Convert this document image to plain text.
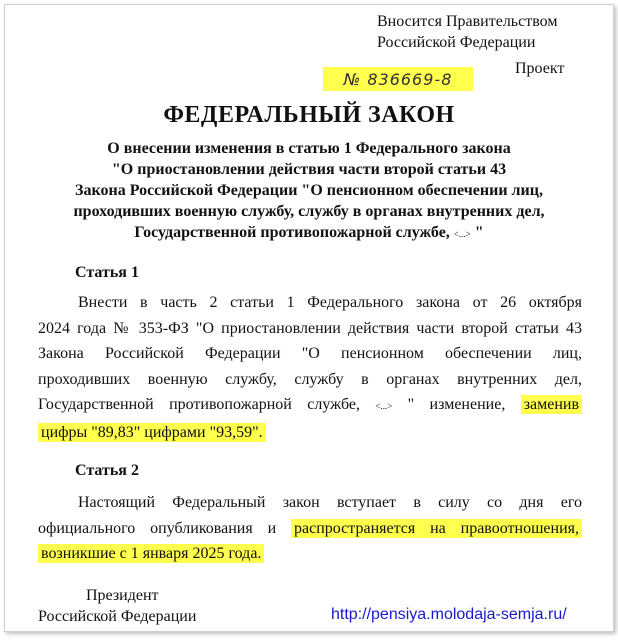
Вносится Правительством
Российской Федерации
Проект
№ 836669-8
ФЕДЕРАЛЬНЫЙ ЗАКОН
О внесении изменения в статью 1 Федерального закона
"О приостановлении действия части второй статьи 43
Закона Российской Федерации "О пенсионном обеспечении лиц,
проходивших военную службу, службу в органах внутренних дел,
Государственной противопожарной службе, <...> "
Статья 1
Внести в часть 2 статьи 1 Федерального закона от 26 октября
2024 года № 353-ФЗ "О приостановлении действия части второй статьи 43
Закона Российской Федерации "О пенсионном обеспечении лиц,
проходивших военную службу, службу в органах внутренних дел,
Государственной противопожарной службе, <...> " изменение, заменив
цифры "89,83" цифрами "93,59".
Статья 2
Настоящий Федеральный закон вступает в силу со дня его
официального опубликования и распространяется на правоотношения,
возникшие с 1 января 2025 года.
Президент
Российской Федерации	http://pensiya.molodaja-semja.ru/
